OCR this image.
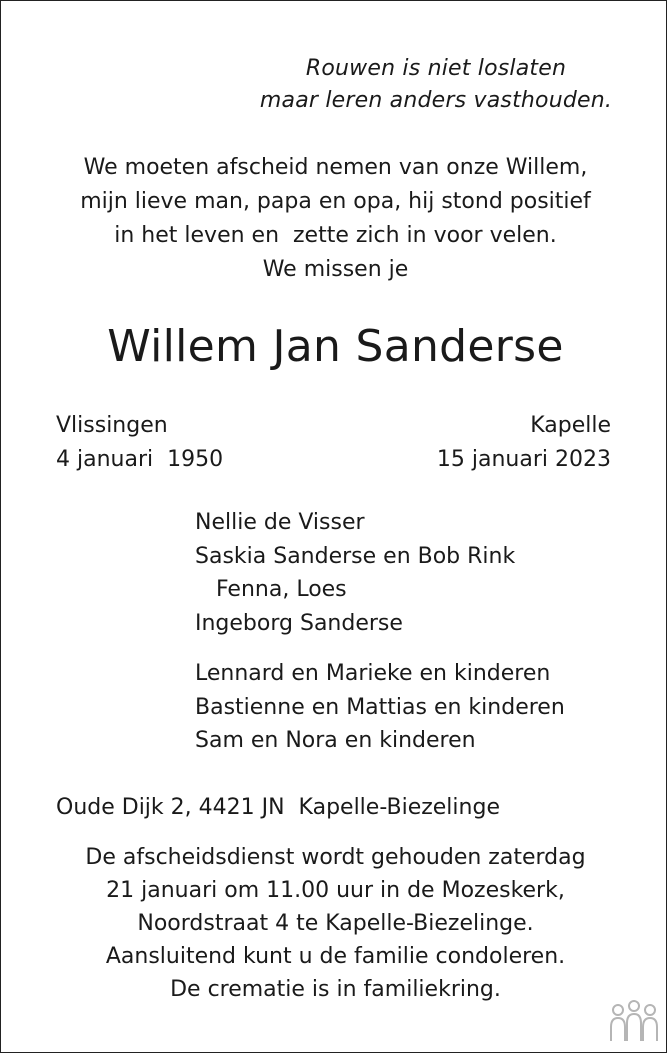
Rouwen is niet loslaten
maar leren anders vasthouden.
We moeten afscheid nemen van onze Willem,
mijn lieve man, papa en opa, hij stond positief
in het leven en  zette zich in voor velen.
We missen je
Willem Jan Sanderse
Vlissingen
4 januari  1950
Kapelle
15 januari 2023
Nellie de Visser
Saskia Sanderse en Bob Rink
Fenna, Loes
Ingeborg Sanderse
Lennard en Marieke en kinderen
Bastienne en Mattias en kinderen
Sam en Nora en kinderen
Oude Dijk 2, 4421 JN  Kapelle-Biezelinge
De afscheidsdienst wordt gehouden zaterdag
21 januari om 11.00 uur in de Mozeskerk,
Noordstraat 4 te Kapelle-Biezelinge.
Aansluitend kunt u de familie condoleren.
De crematie is in familiekring.
